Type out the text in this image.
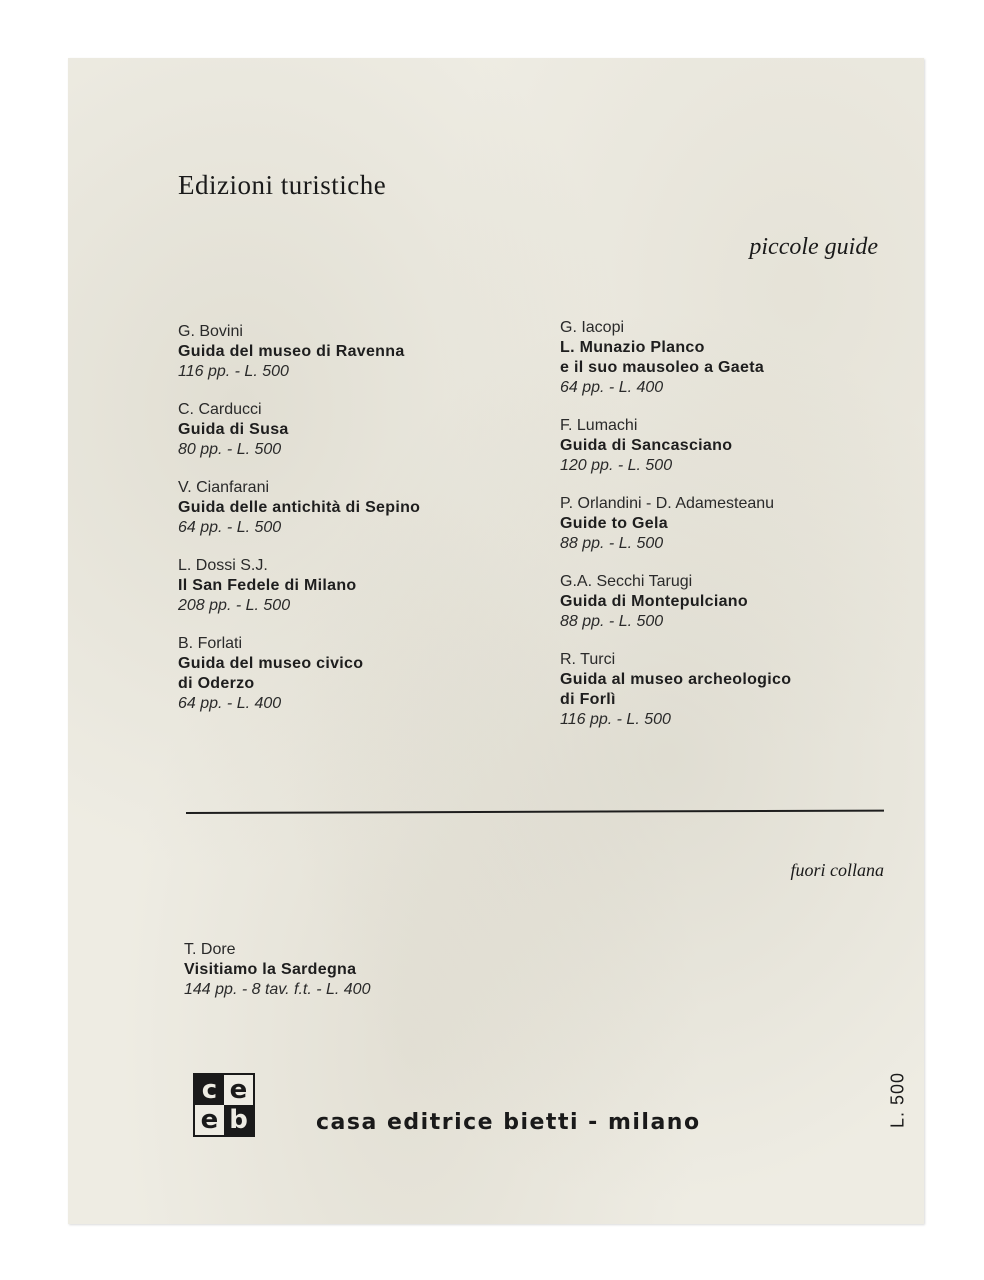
Edizioni turistiche
piccole guide
G. Bovini
Guida del museo di Ravenna
116 pp. - L. 500
C. Carducci
Guida di Susa
80 pp. - L. 500
V. Cianfarani
Guida delle antichità di Sepino
64 pp. - L. 500
L. Dossi S.J.
Il San Fedele di Milano
208 pp. - L. 500
B. Forlati
Guida del museo civico
di Oderzo
64 pp. - L. 400
G. Iacopi
L. Munazio Planco
e il suo mausoleo a Gaeta
64 pp. - L. 400
F. Lumachi
Guida di Sancasciano
120 pp. - L. 500
P. Orlandini - D. Adamesteanu
Guide to Gela
88 pp. - L. 500
G.A. Secchi Tarugi
Guida di Montepulciano
88 pp. - L. 500
R. Turci
Guida al museo archeologico
di Forlì
116 pp. - L. 500
fuori collana
T. Dore
Visitiamo la Sardegna
144 pp. - 8 tav. f.t. - L. 400
c e
e b	casa editrice bietti - milano	L. 500
